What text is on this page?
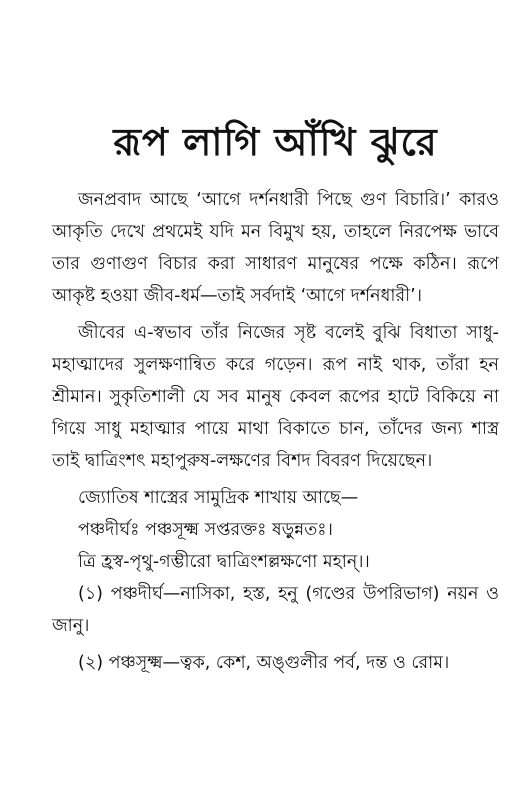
রূপ লাগি আঁখি ঝুরে

জনপ্রবাদ আছে ‘আগে দর্শনধারী পিছে গুণ বিচারি।’ কারও আকৃতি দেখে প্রথমেই যদি মন বিমুখ হয়, তাহলে নিরপেক্ষ ভাবে তার গুণাগুণ বিচার করা সাধারণ মানুষের পক্ষে কঠিন। রূপে আকৃষ্ট হওয়া জীব-ধর্ম—তাই সর্বদাই ‘আগে দর্শনধারী’।

জীবের এ-স্বভাব তাঁর নিজের সৃষ্ট বলেই বুঝি বিধাতা সাধু-মহাত্মাদের সুলক্ষণান্বিত করে গড়েন। রূপ নাই থাক, তাঁরা হন শ্রীমান। সুকৃতিশালী যে সব মানুষ কেবল রূপের হাটে বিকিয়ে না গিয়ে সাধু মহাত্মার পায়ে মাথা বিকাতে চান, তাঁদের জন্য শাস্ত্র তাই দ্বাত্রিংশৎ মহাপুরুষ-লক্ষণের বিশদ বিবরণ দিয়েছেন।

জ্যোতিষ শাস্ত্রের সামুদ্রিক শাখায় আছে—

পঞ্চদীর্ঘঃ পঞ্চসূক্ষ্ম সপ্তরক্তঃ ষড়ুন্নতঃ।

ত্রি হ্রস্ব-পৃথু-গম্ভীরো দ্বাত্রিংশল্লক্ষণো মহান্।।

(১) পঞ্চদীর্ঘ—নাসিকা, হস্ত, হনু (গণ্ডের উপরিভাগ) নয়ন ও জানু।

(২) পঞ্চসূক্ষ্ম—ত্বক, কেশ, অঙ্গুলীর পর্ব, দন্ত ও রোম।
